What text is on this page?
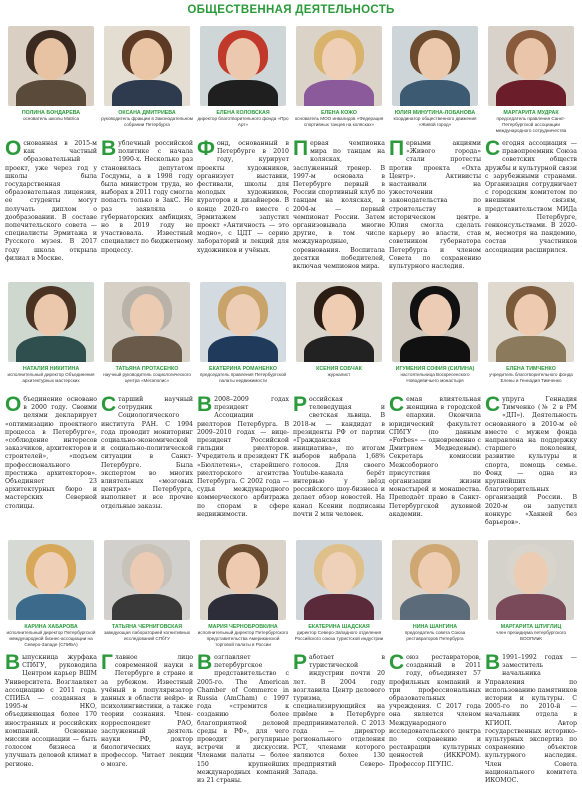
ОБЩЕСТВЕННАЯ ДЕЯТЕЛЬНОСТЬ
ПОЛИНА БОНДАРЕВА
основатель школы Matrica
Основанная в 2015-м как частный образовательный проект, уже через год у школы была государственная образовательная лицензия, ее студенты могут получать диплом о дообразовании. В составе попечительского совета — специалисты Эрмитажа и Русского музея. В 2017 году школа открыла филиал в Москве.
ОКСАНА ДМИТРИЕВА
руководитель фракции в Законодательном собрании Петербурга
Вублечный российской политике с начала 1990-х. Несколько раз становилась депутатом Госдумы, а в 1998 году была министром труда, но выборах в 2011 году смогла попасть только в ЗакС. Не раз заявляла о губернаторских амбициях, но в 2019 году не участвовала. Известный специалист по бюджетному процессу.
ЕЛЕНА КОЛОВСКАЯ
директор благотворительного фонда «Про Арт»
Фонд, основанный в Петербурге в 2010 году, курирует проекты художников, организует выставки, фестивали, школы для молодых художников, кураторов и дизайнеров. В конце 2020-го вместе с Эрмитажем запустил проект «Античность — это модно», с ЦДТ — серию лабораторий и лекций для художников и учёных.
ЕЛЕНА КОЖО
основатель МОО инвалидов «Федерация спортивных танцев на колясках»
Первая чемпионка мира по танцам на колясках, заслуженный тренер. В 1997-м основала в Петербурге первый в России спортивный клуб по танцам на колясках, в 2004-м — первый чемпионат России. Затем организовывала многие другие, в том числе международные, соревнования. Воспитала десятки победителей, включая чемпионов мира.
ЮЛИЯ МИНУТИНА-ЛОБАНОВА
координатор общественного движения «Живой город»
Первыми акциями «Живого города» стали протесты против проекта «Охта Центр». Активисты настаивали на ужесточении законодательства по строительству в историческом центре. Юлия смогла сделать карьеру во власти, став советником губернатора Петербурга и членом Совета по сохранению культурного наследия.
МАРГАРИТА МУДРАК
председатель правления Санкт-Петербургской ассоциации международного сотрудничества
Сегодня ассоциация — правопреемник Союза советских обществ дружбы и культурной связи с зарубежными странами. Организация сотрудничает с городским комитетом по внешним связям, представительством МИДа в Петербурге, генконсульствами. В 2020-м, несмотря на пандемию, состав участников ассоциации расширился.
НАТАЛИЯ НИКИТИНА
исполнительный директор Объединения архитектурных мастерских
Объединение основано в 2000 году. Своими целями декларирует «оптимизацию проектного процесса в Петербурге», «соблюдение интересов заказчиков, архитекторов и строителей», «подъем профессионального престижа архитекторов». Объединяет 23 архитектурных бюро и мастерских Северной столицы.
ТАТЬЯНА ПРОТАСЕНКО
научный руководитель социологического центра «Мегаполис»
Старший научный сотрудник Социологического института РАН. С 1994 года проводит мониторинг социально-экономической и социально-политической ситуации в Санкт-Петербурге. Была экспертом во многих влиятельных «мозговых центрах» Петербурга, выполняет и все прочие отдельные заказы.
ЕКАТЕРИНА РОМАНЕНКО
председатель правления Петербургской палаты недвижимости
В 2008–2009 годах президент Ассоциации риелторов Петербурга. В 2009–2010 годах — вице-президент Российской гильдии риелторов. Учредитель и президент ГК «Бюллетень», старейшего риелторского агентства Петербурга. С 2002 года — судья международного коммерческого арбитража по спорам в сфере недвижимости.
КСЕНИЯ СОБЧАК
журналист
Российская телеведущая и светская львица. В 2018-м — кандидат в президенты РФ от партии «Гражданская инициатива», по итогам выборов набрала 1,68% голосов. Для своего Youtube-канала берёт интервью у звёзд российского шоу-бизнеса и делает обзор новостей. На канал Ксении подписаны почти 2 млн человек.
ИГУМЕНИЯ СОФИЯ (СИЛИНА)
настоятельница Воскресенского Новодевичьего монастыря
Семая влиятельная женщина в городской епархии. Окончила юридический факультет СПбГУ (по данным «Forbes» — одновременно с Дмитрием Медведевым). Секретарь комиссии Межсоборного присутствия по организации жизни монастырей и монашества. Преподаёт право в Санкт-Петербургской духовной академии.
ЕЛЕНА ТИМЧЕНКО
учредитель благотворительного фонда Елены и Геннадия Тимченко
Супруга Геннадия Тимченко (№ 2 в РМ «ДП»). Деятельность основанного в 2010-м её вместе с мужем фонда направлена на поддержку старшего поколения, развитие культуры и спорта, помощь семье. Фонд — одна из крупнейших благотворительных организаций России. В 2020-м он запустил конкурс «Хакней без барьеров».
КАРИНА ХАБАРОВА
исполнительный директор Петербургской международной бизнес-ассоциации на Северо-Западе (СПИБА)
Выпускница журфака СПбГУ, руководила Центром карьер ВШМ Университета. Возглавляет ассоциацию с 2011 года. СПИБА — созданная в 1995-м НКО, объединяющая более 170 иностранных и российских компаний. Основные миссии ассоциации — быть голосом бизнеса и улучшать деловой климат в регионе.
ТАТЬЯНА ЧЕРНИГОВСКАЯ
заведующая лабораторией когнитивных исследований СПбГУ
Главное лицо современной науки в Петербурге в стране и за рубежом. Известный учёный в популяризатор данных в области нейро- и психолингвистики, а также теории сознания. Член-корреспондент РАО, заслуженный деятель науки РФ, доктор биологических наук, профессор. Читает лекции о мозге.
МАРИЯ ЧЕРНОБРОВКИНА
исполнительный директор Петербургского представительства Американской торговой палаты в России
Возглавляет петербургское представительство с 2005-го. The American Chamber of Commerce in Russia (AmCham) с 1997 года «стремится к созданию более благоприятной деловой среды в РФ», для чего проводит регулярные встречи и дискуссии. Членами палаты — более 150 крупнейших международных компаний из 21 страны.
ЕКАТЕРИНА ШАДСКАЯ
директор Северо-Западного отделения Российского союза туристской индустрии
Работает в туристической индустрии почти 20 лет. В 2004 году возглавила Центр делового туризма, специализирующийся на приёме в Петербурге предпринимателей. С 2013 года — директор регионального отделения РСТ, членами которого являются более 130 предприятий Северо-Запада.
НИНА ШАНГИНА
председатель совета Союза реставраторов Петербурга
Союз реставраторов, созданный в 2011 году, объединяет 57 профильных компаний и три профессиональных образовательных учреждения. С 2017 года она является членом Международного исследовательского центра по сохранению и реставрации культурных ценностей (ИККРОМ). Профессор ПГУПС.
МАРГАРИТА ШТИГЛИЦ
член президиума петербургского ВООПИиК
В 1991–1992 годах — заместитель начальника Управления по использованию памятников истории и культуры. С 2005-го по 2010-й — начальник отдела в КГИОП. Автор государственных историко-культурных экспертиз по сохранению объектов культурного наследия. Член Совета национального комитета ИКОМОС.
